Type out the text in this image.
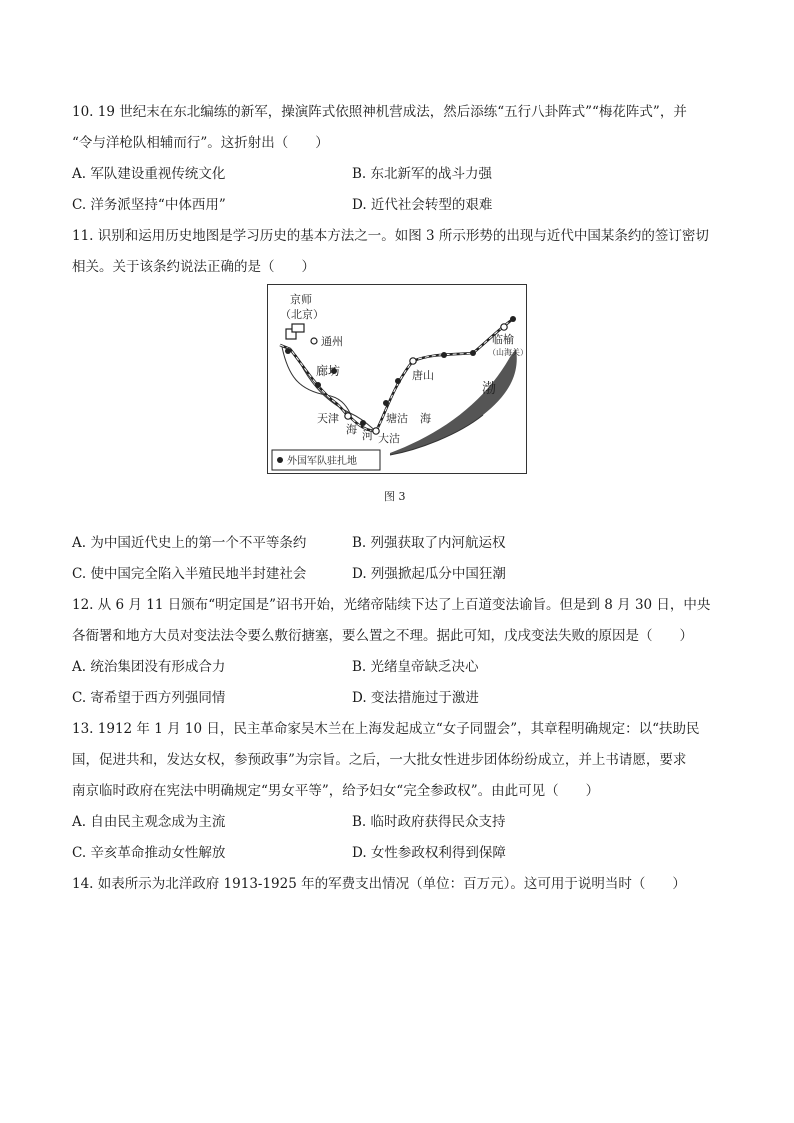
10. 19 世纪末在东北编练的新军，操演阵式依照神机营成法，然后添练“五行八卦阵式”“梅花阵式”，并
“令与洋枪队相辅而行”。这折射出（　　）
A. 军队建设重视传统文化	B. 东北新军的战斗力强
C. 洋务派坚持“中体西用”	D. 近代社会转型的艰难
11. 识别和运用历史地图是学习历史的基本方法之一。如图 3 所示形势的出现与近代中国某条约的签订密切
相关。关于该条约说法正确的是（　　）
京师
（北京）
通州
廊坊	唐山
临榆
（山海关）
渤
天津	塘沽 海
海 河 大沽
外国军队驻扎地
图 3
A. 为中国近代史上的第一个不平等条约	B. 列强获取了内河航运权
C. 使中国完全陷入半殖民地半封建社会	D. 列强掀起瓜分中国狂潮
12. 从 6 月 11 日颁布“明定国是”诏书开始，光绪帝陆续下达了上百道变法谕旨。但是到 8 月 30 日，中央
各衙署和地方大员对变法法令要么敷衍搪塞，要么置之不理。据此可知，戊戌变法失败的原因是（　　）
A. 统治集团没有形成合力	B. 光绪皇帝缺乏决心
C. 寄希望于西方列强同情	D. 变法措施过于激进
13. 1912 年 1 月 10 日，民主革命家吴木兰在上海发起成立“女子同盟会”，其章程明确规定：以“扶助民
国，促进共和，发达女权，参预政事”为宗旨。之后，一大批女性进步团体纷纷成立，并上书请愿，要求
南京临时政府在宪法中明确规定“男女平等”，给予妇女“完全参政权”。由此可见（　　）
A. 自由民主观念成为主流	B. 临时政府获得民众支持
C. 辛亥革命推动女性解放	D. 女性参政权利得到保障
14. 如表所示为北洋政府 1913-1925 年的军费支出情况（单位：百万元）。这可用于说明当时（　　）
